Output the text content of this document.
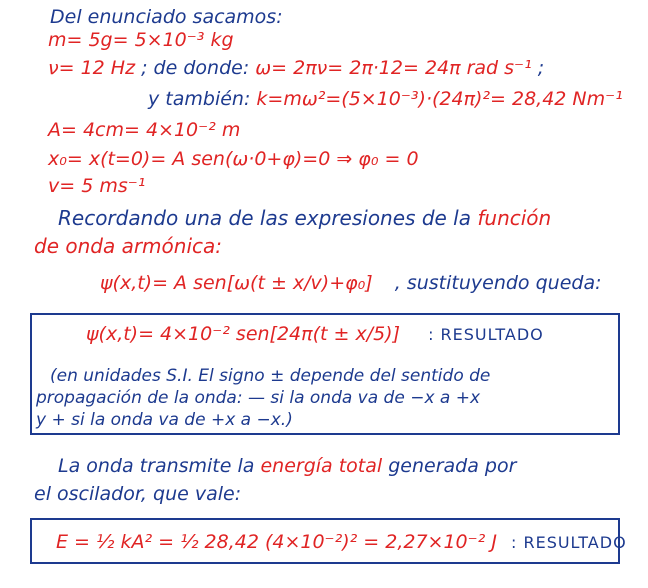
Del enunciado sacamos:
m= 5g= 5×10⁻³ kg
ν= 12 Hz ; de donde: ω= 2πν= 2π·12= 24π rad s⁻¹ ;
y también: k=mω²=(5×10⁻³)·(24π)²= 28,42 Nm⁻¹
A= 4cm= 4×10⁻² m
x₀= x(t=0)= A sen(ω·0+φ)=0 ⇒ φ₀ = 0
v= 5 ms⁻¹
Recordando una de las expresiones de la función
de onda armónica:
ψ(x,t)= A sen[ω(t ± x/v)+φ₀] , sustituyendo queda:
ψ(x,t)= 4×10⁻² sen[24π(t ± x/5)] : RESULTADO
(en unidades S.I. El signo ± depende del sentido de
propagación de la onda: — si la onda va de −x a +x
y + si la onda va de +x a −x.)
La onda transmite la energía total generada por
el oscilador, que vale:
E = ½ kA² = ½ 28,42 (4×10⁻²)² = 2,27×10⁻² J : RESULTADO
